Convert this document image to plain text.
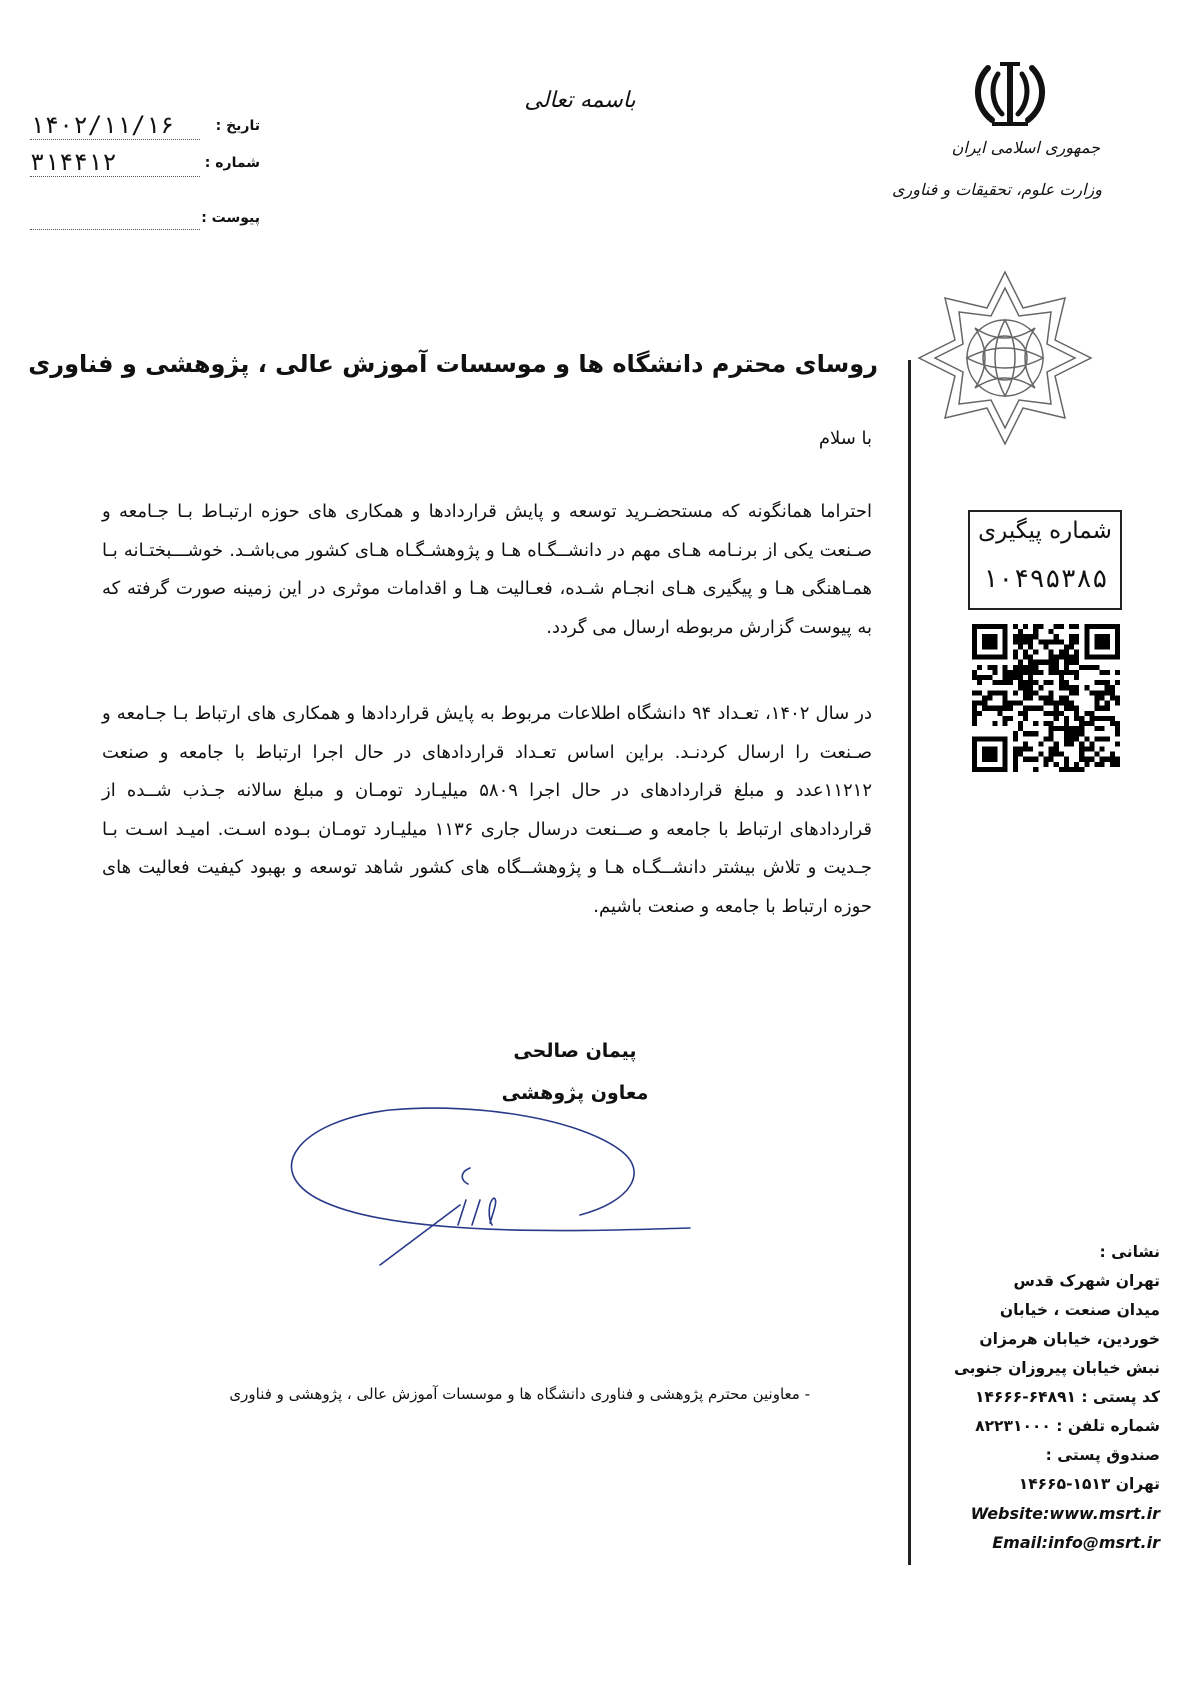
باسمه تعالی
تاریخ :
۱۴۰۲/۱۱/۱۶
شماره :
۳۱۴۴۱۲
پیوست :
جمهوری اسلامی ایران
وزارت علوم، تحقیقات و فناوری
شماره پیگیری
۱۰۴۹۵۳۸۵
روسای محترم دانشگاه ها و موسسات آموزش عالی ، پژوهشی و فناوری
با سلام
احتراما همانگونه که مستحضـرید توسعه و پایش قراردادها و همکاری های حوزه ارتبـاط بـا جـامعه و صـنعت یکی از برنـامه هـای مهم در دانشــگـاه هـا و پژوهشـگـاه هـای کشور می‌باشـد. خوشـــبختـانه بـا همـاهنگی هـا و پیگیری هـای انجـام شـده، فعـالیت هـا و اقدامات موثری در این زمینه صورت گرفته که به پیوست گزارش مربوطه ارسال می گردد.
در سال ۱۴۰۲، تعـداد ۹۴ دانشگاه اطلاعات مربوط به پایش قراردادها و همکاری های ارتباط بـا جـامعه و صـنعت را ارسال کردنـد. براین اساس تعـداد قراردادهای در حال اجرا ارتباط با جامعه و صنعت ۱۱۲۱۲عدد و مبلغ قراردادهای در حال اجرا ۵۸۰۹ میلیـارد تومـان و مبلغ سالانه جـذب شــده از قراردادهای ارتباط با جامعه و صــنعت درسال جاری ۱۱۳۶ میلیـارد تومـان بـوده اسـت. امیـد اسـت بـا جـدیت و تلاش بیشتر دانشــگـاه هـا و پژوهشــگاه های کشور شاهد توسعه و بهبود کیفیت فعالیت های حوزه ارتباط با جامعه و صنعت باشیم.
پیمان صالحی
معاون پژوهشی
- معاونین محترم پژوهشی و فناوری دانشگاه ها و موسسات آموزش عالی ، پژوهشی و فناوری
نشانی :
تهران شهرک قدس
میدان صنعت ، خیابان
خوردین، خیابان هرمزان
نبش خیابان پیروزان جنوبی
کد پستی : ۶۴۸۹۱-۱۴۶۶۶
شماره تلفن : ۸۲۲۳۱۰۰۰
صندوق پستی :
تهران ۱۵۱۳-۱۴۶۶۵
Website:www.msrt.ir
Email:info@msrt.ir
